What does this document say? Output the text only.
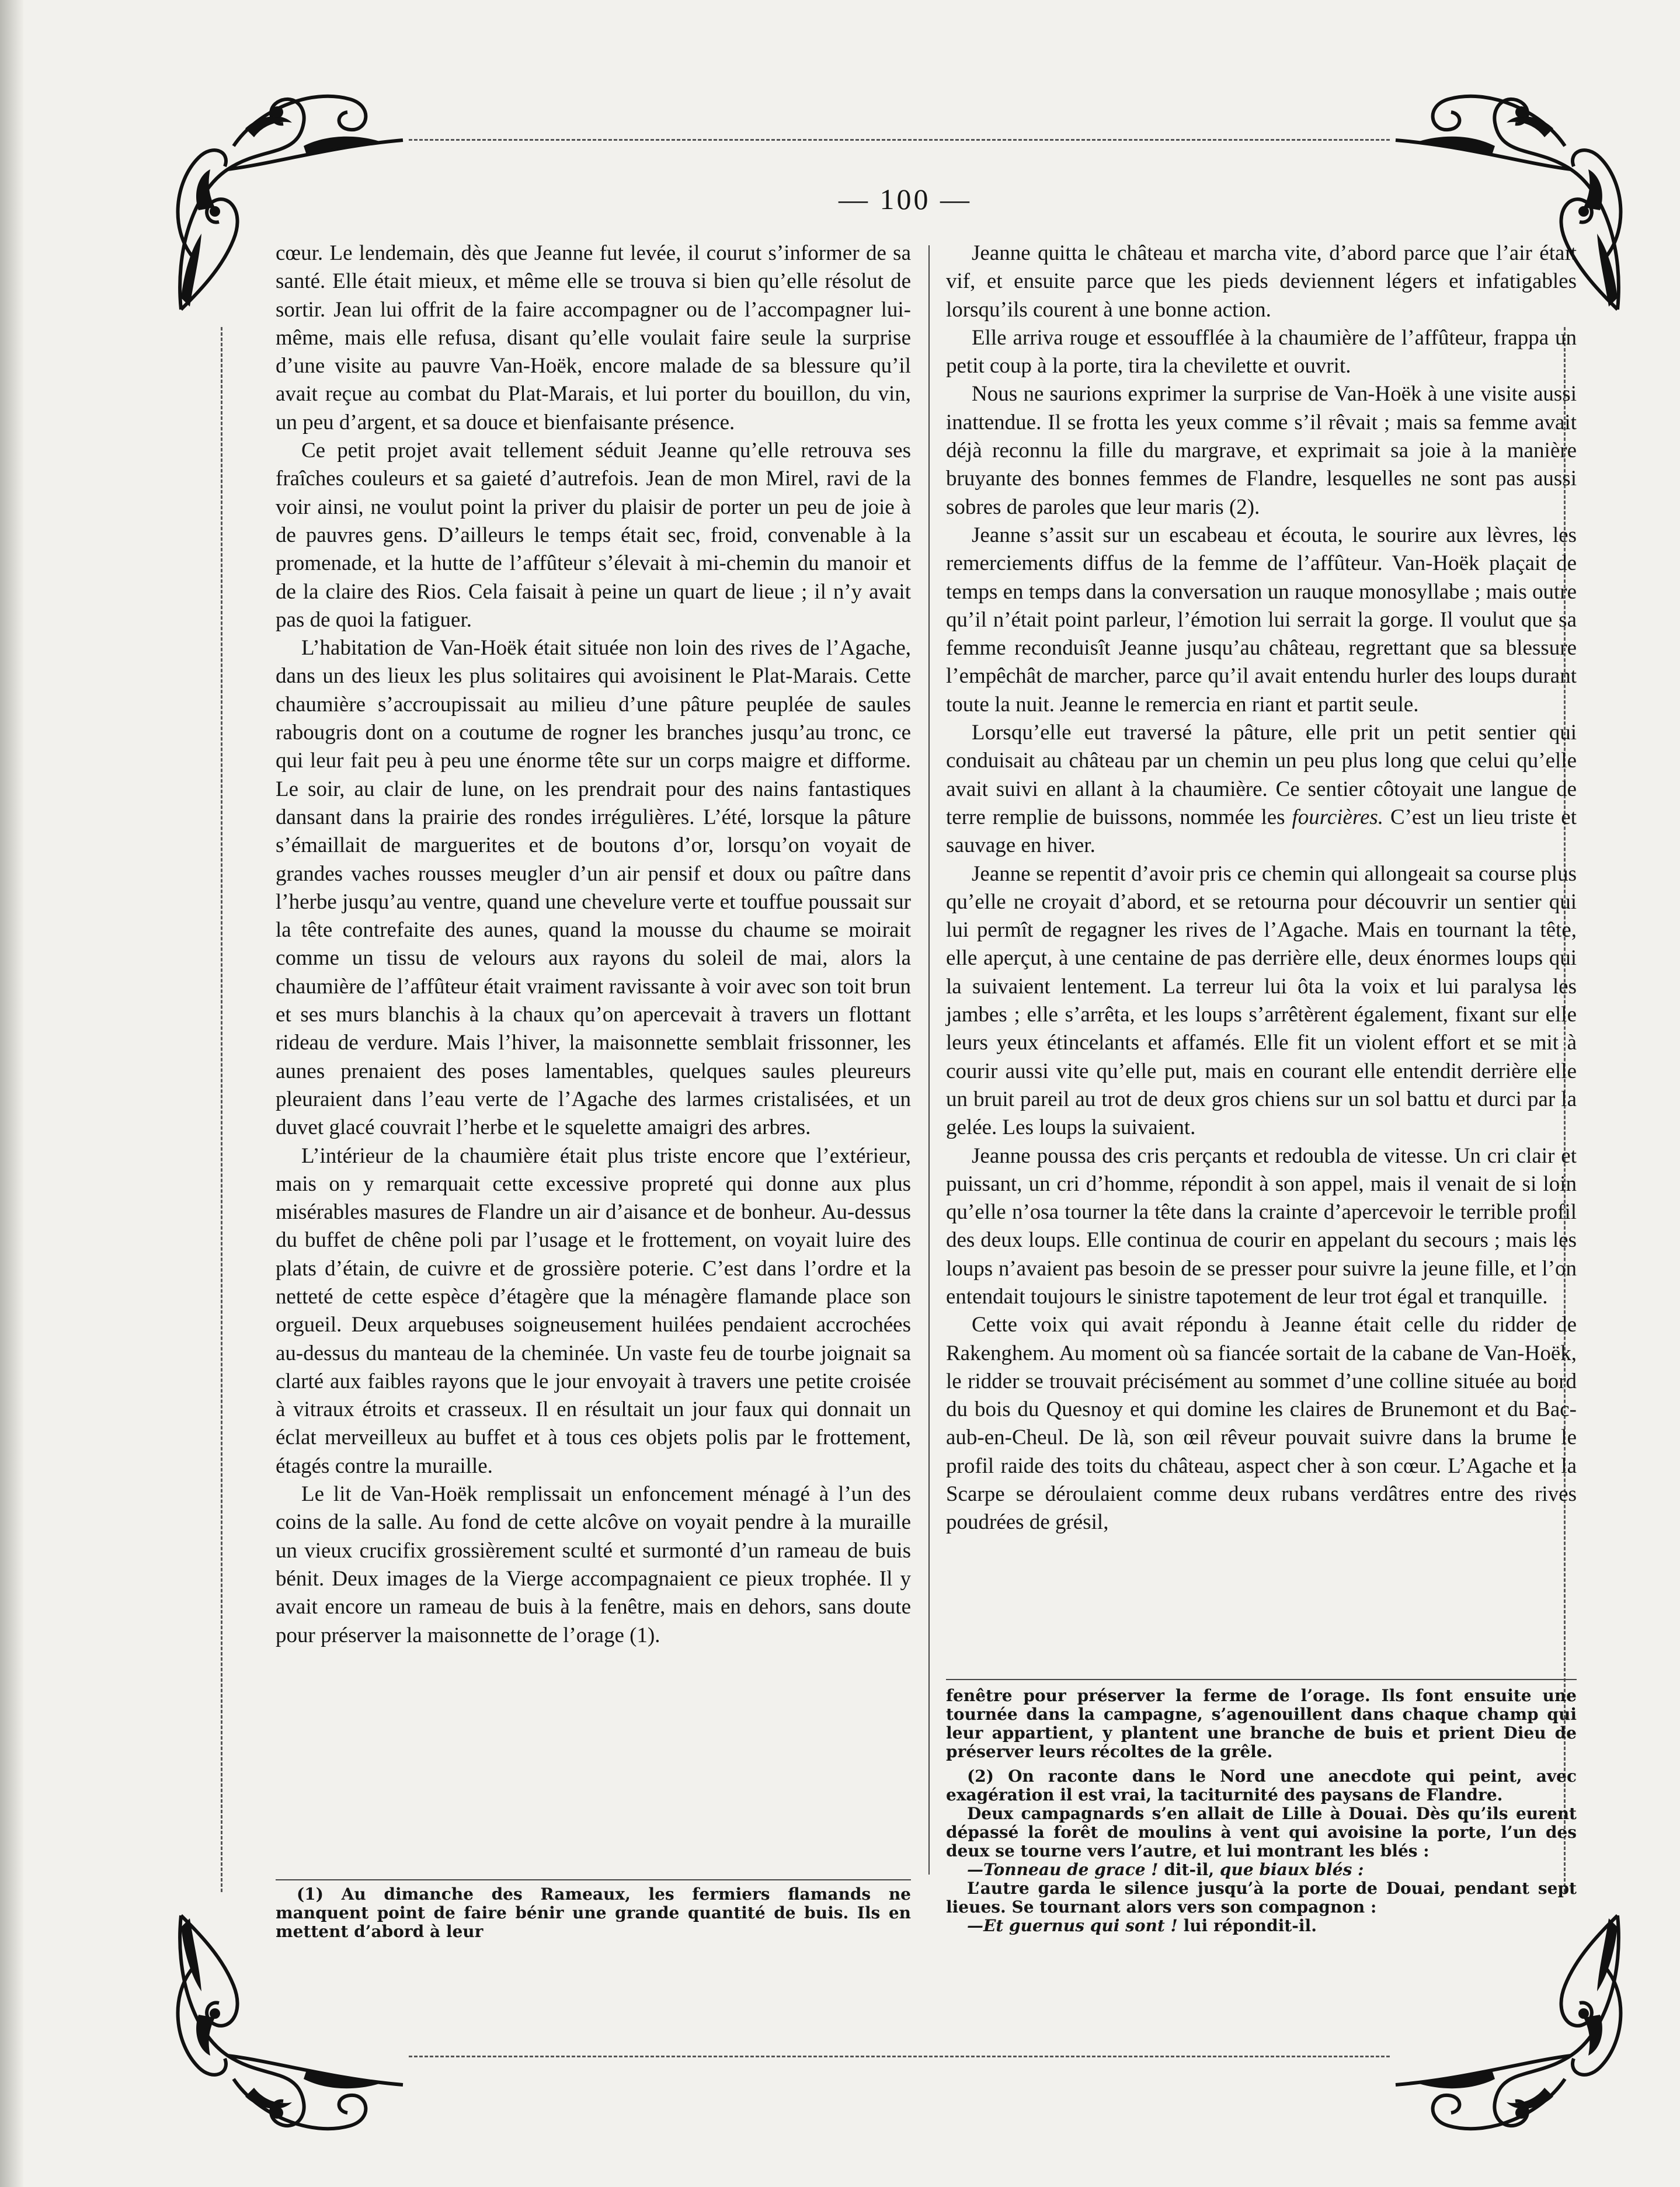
— 100 —

cœur. Le lendemain, dès que Jeanne fut levée, il courut s’informer de sa santé. Elle était mieux, et même elle se trouva si bien qu’elle résolut de sortir. Jean lui offrit de la faire accompagner ou de l’accompagner lui-même, mais elle refusa, disant qu’elle voulait faire seule la surprise d’une visite au pauvre Van-Hoëk, encore malade de sa blessure qu’il avait reçue au combat du Plat-Marais, et lui porter du bouillon, du vin, un peu d’argent, et sa douce et bienfaisante présence.

Ce petit projet avait tellement séduit Jeanne qu’elle retrouva ses fraîches couleurs et sa gaieté d’autrefois. Jean de mon Mirel, ravi de la voir ainsi, ne voulut point la priver du plaisir de porter un peu de joie à de pauvres gens. D’ailleurs le temps était sec, froid, convenable à la promenade, et la hutte de l’affûteur s’élevait à mi-chemin du manoir et de la claire des Rios. Cela faisait à peine un quart de lieue ; il n’y avait pas de quoi la fatiguer.

L’habitation de Van-Hoëk était située non loin des rives de l’Agache, dans un des lieux les plus solitaires qui avoisinent le Plat-Marais. Cette chaumière s’accroupissait au milieu d’une pâture peuplée de saules rabougris dont on a coutume de rogner les branches jusqu’au tronc, ce qui leur fait peu à peu une énorme tête sur un corps maigre et difforme. Le soir, au clair de lune, on les prendrait pour des nains fantastiques dansant dans la prairie des rondes irrégulières. L’été, lorsque la pâture s’émaillait de marguerites et de boutons d’or, lorsqu’on voyait de grandes vaches rousses meugler d’un air pensif et doux ou paître dans l’herbe jusqu’au ventre, quand une chevelure verte et touffue poussait sur la tête contrefaite des aunes, quand la mousse du chaume se moirait comme un tissu de velours aux rayons du soleil de mai, alors la chaumière de l’affûteur était vraiment ravissante à voir avec son toit brun et ses murs blanchis à la chaux qu’on apercevait à travers un flottant rideau de verdure. Mais l’hiver, la maisonnette semblait frissonner, les aunes prenaient des poses lamentables, quelques saules pleureurs pleuraient dans l’eau verte de l’Agache des larmes cristalisées, et un duvet glacé couvrait l’herbe et le squelette amaigri des arbres.

L’intérieur de la chaumière était plus triste encore que l’extérieur, mais on y remarquait cette excessive propreté qui donne aux plus misérables masures de Flandre un air d’aisance et de bonheur. Au-dessus du buffet de chêne poli par l’usage et le frottement, on voyait luire des plats d’étain, de cuivre et de grossière poterie. C’est dans l’ordre et la netteté de cette espèce d’étagère que la ménagère flamande place son orgueil. Deux arquebuses soigneusement huilées pendaient accrochées au-dessus du manteau de la cheminée. Un vaste feu de tourbe joignait sa clarté aux faibles rayons que le jour envoyait à travers une petite croisée à vitraux étroits et crasseux. Il en résultait un jour faux qui donnait un éclat merveilleux au buffet et à tous ces objets polis par le frottement, étagés contre la muraille.

Le lit de Van-Hoëk remplissait un enfoncement ménagé à l’un des coins de la salle. Au fond de cette alcôve on voyait pendre à la muraille un vieux crucifix grossièrement sculté et surmonté d’un rameau de buis bénit. Deux images de la Vierge accompagnaient ce pieux trophée. Il y avait encore un rameau de buis à la fenêtre, mais en dehors, sans doute pour préserver la maisonnette de l’orage (1).

(1) Au dimanche des Rameaux, les fermiers flamands ne manquent point de faire bénir une grande quantité de buis. Ils en mettent d’abord à leur

Jeanne quitta le château et marcha vite, d’abord parce que l’air était vif, et ensuite parce que les pieds deviennent légers et infatigables lorsqu’ils courent à une bonne action.

Elle arriva rouge et essoufflée à la chaumière de l’affûteur, frappa un petit coup à la porte, tira la chevilette et ouvrit.

Nous ne saurions exprimer la surprise de Van-Hoëk à une visite aussi inattendue. Il se frotta les yeux comme s’il rêvait ; mais sa femme avait déjà reconnu la fille du margrave, et exprimait sa joie à la manière bruyante des bonnes femmes de Flandre, lesquelles ne sont pas aussi sobres de paroles que leur maris (2).

Jeanne s’assit sur un escabeau et écouta, le sourire aux lèvres, les remerciements diffus de la femme de l’affûteur. Van-Hoëk plaçait de temps en temps dans la conversation un rauque monosyllabe ; mais outre qu’il n’était point parleur, l’émotion lui serrait la gorge. Il voulut que sa femme reconduisît Jeanne jusqu’au château, regrettant que sa blessure l’empêchât de marcher, parce qu’il avait entendu hurler des loups durant toute la nuit. Jeanne le remercia en riant et partit seule.

Lorsqu’elle eut traversé la pâture, elle prit un petit sentier qui conduisait au château par un chemin un peu plus long que celui qu’elle avait suivi en allant à la chaumière. Ce sentier côtoyait une langue de terre remplie de buissons, nommée les fourcières. C’est un lieu triste et sauvage en hiver.

Jeanne se repentit d’avoir pris ce chemin qui allongeait sa course plus qu’elle ne croyait d’abord, et se retourna pour découvrir un sentier qui lui permît de regagner les rives de l’Agache. Mais en tournant la tête, elle aperçut, à une centaine de pas derrière elle, deux énormes loups qui la suivaient lentement. La terreur lui ôta la voix et lui paralysa les jambes ; elle s’arrêta, et les loups s’arrêtèrent également, fixant sur elle leurs yeux étincelants et affamés. Elle fit un violent effort et se mit à courir aussi vite qu’elle put, mais en courant elle entendit derrière elle un bruit pareil au trot de deux gros chiens sur un sol battu et durci par la gelée. Les loups la suivaient.

Jeanne poussa des cris perçants et redoubla de vitesse. Un cri clair et puissant, un cri d’homme, répondit à son appel, mais il venait de si loin qu’elle n’osa tourner la tête dans la crainte d’apercevoir le terrible profil des deux loups. Elle continua de courir en appelant du secours ; mais les loups n’avaient pas besoin de se presser pour suivre la jeune fille, et l’on entendait toujours le sinistre tapotement de leur trot égal et tranquille.

Cette voix qui avait répondu à Jeanne était celle du ridder de Rakenghem. Au moment où sa fiancée sortait de la cabane de Van-Hoëk, le ridder se trouvait précisément au sommet d’une colline située au bord du bois du Quesnoy et qui domine les claires de Brunemont et du Bac-aub-en-Cheul. De là, son œil rêveur pouvait suivre dans la brume le profil raide des toits du château, aspect cher à son cœur. L’Agache et la Scarpe se déroulaient comme deux rubans verdâtres entre des rives poudrées de grésil,

fenêtre pour préserver la ferme de l’orage. Ils font ensuite une tournée dans la campagne, s’agenouillent dans chaque champ qui leur appartient, y plantent une branche de buis et prient Dieu de préserver leurs récoltes de la grêle.

(2) On raconte dans le Nord une anecdote qui peint, avec exagération il est vrai, la taciturnité des paysans de Flandre.

Deux campagnards s’en allait de Lille à Douai. Dès qu’ils eurent dépassé la forêt de moulins à vent qui avoisine la porte, l’un des deux se tourne vers l’autre, et lui montrant les blés :

—Tonneau de grace ! dit-il, que biaux blés :

L’autre garda le silence jusqu’à la porte de Douai, pendant sept lieues. Se tournant alors vers son compagnon :

—Et guernus qui sont ! lui répondit-il.
